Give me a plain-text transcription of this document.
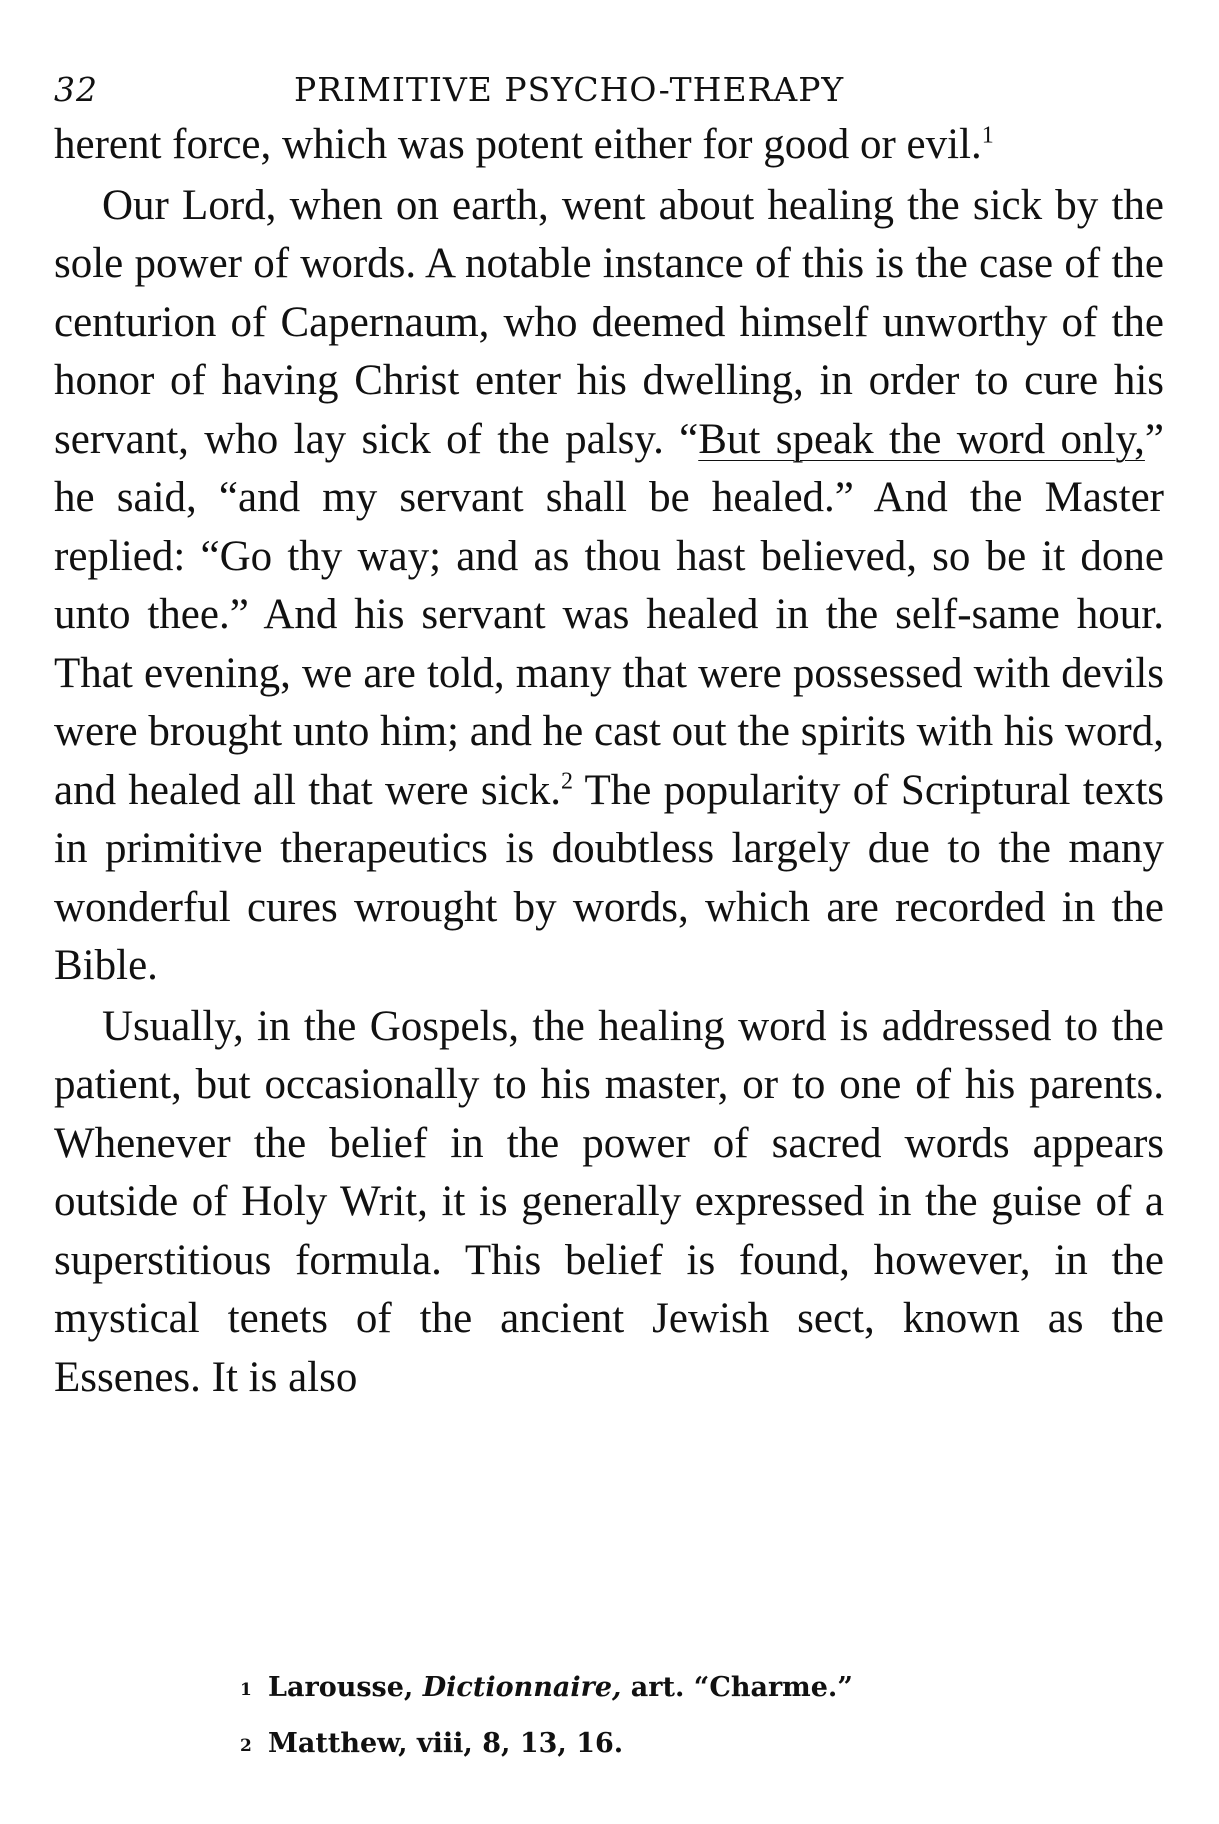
32	PRIMITIVE PSYCHO-THERAPY

herent force, which was potent either for good or evil.$^1$

Our Lord, when on earth, went about healing the sick by the sole power of words. A notable instance of this is the case of the centurion of Capernaum, who deemed himself unworthy of the honor of having Christ enter his dwelling, in order to cure his servant, who lay sick of the palsy. “But speak the word only,” he said, “and my servant shall be healed.” And the Master replied: “Go thy way; and as thou hast believed, so be it done unto thee.” And his servant was healed in the self-same hour. That evening, we are told, many that were possessed with devils were brought unto him; and he cast out the spirits with his word, and healed all that were sick.$^2$ The popularity of Scriptural texts in primitive therapeutics is doubtless largely due to the many wonderful cures wrought by words, which are recorded in the Bible.

Usually, in the Gospels, the healing word is addressed to the patient, but occasionally to his master, or to one of his parents. Whenever the belief in the power of sacred words appears outside of Holy Writ, it is generally expressed in the guise of a superstitious formula. This belief is found, however, in the mystical tenets of the ancient Jewish sect, known as the Essenes. It is also

1 Larousse, Dictionnaire, art. “Charme.”
2 Matthew, viii, 8, 13, 16.
